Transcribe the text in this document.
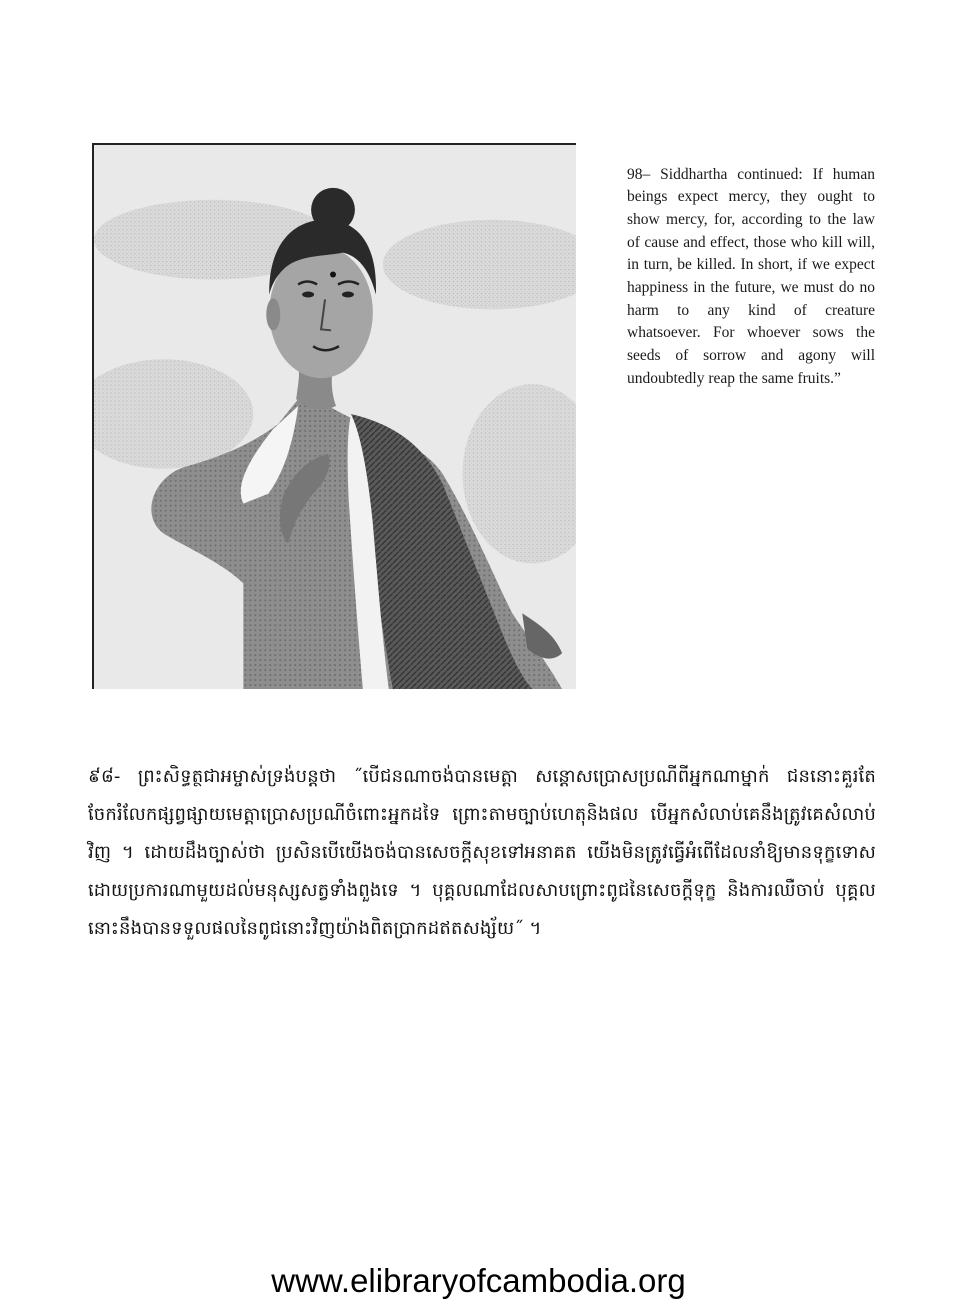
98– Siddhartha continued: If human beings expect mercy, they ought to show mercy, for, according to the law of cause and effect, those who kill will, in turn, be killed. In short, if we expect happiness in the future, we must do no harm to any kind of creature whatsoever. For whoever sows the seeds of sorrow and agony will undoubtedly reap the same fruits.”

៩៨- ព្រះសិទ្ធត្ថជាអម្ចាស់ទ្រង់បន្តថា ˝បើជនណាចង់បានមេត្តា សន្តោសប្រោសប្រណីពីអ្នកណាម្នាក់ ជននោះគួរតែចែករំលែកផ្សព្វផ្សាយមេត្តាប្រោសប្រណីចំពោះអ្នកដទៃ ព្រោះតាមច្បាប់ហេតុនិងផល បើអ្នកសំលាប់គេនឹងត្រូវគេសំលាប់វិញ ។ ដោយដឹងច្បាស់ថា ប្រសិនបើយើងចង់បានសេចក្តីសុខទៅអនាគត យើងមិនត្រូវធ្វើអំពើដែលនាំឱ្យមានទុក្ខទោសដោយប្រការណាមួយដល់មនុស្សសត្វទាំងពួងទេ ។ បុគ្គលណាដែលសាបព្រោះពូជនៃសេចក្តីទុក្ខ និងការឈឺចាប់ បុគ្គលនោះនឹងបានទទួលផលនៃពូជនោះវិញយ៉ាងពិតប្រាកដឥតសង្ស័យ˝ ។

www.elibraryofcambodia.org
